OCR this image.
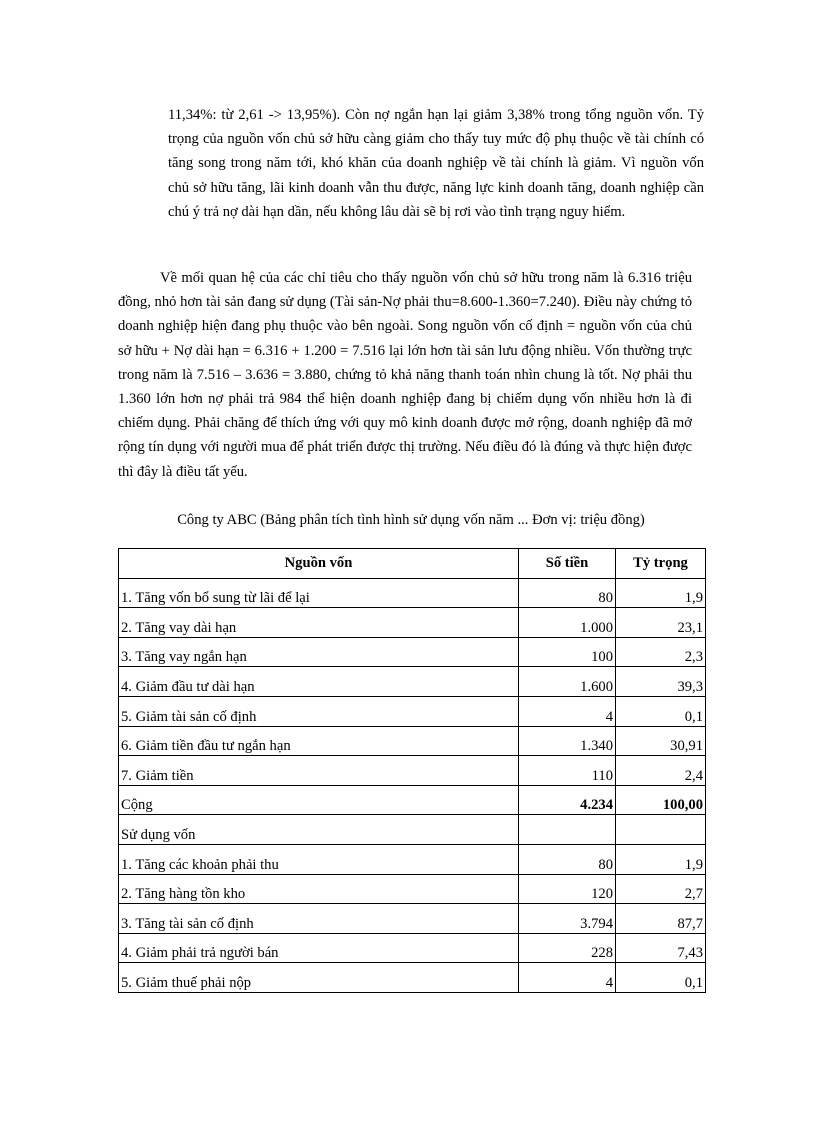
11,34%: từ 2,61 -> 13,95%). Còn nợ ngắn hạn lại giảm 3,38% trong tổng nguồn vốn. Tỷ trọng của nguồn vốn chủ sở hữu càng giảm cho thấy tuy mức độ phụ thuộc về tài chính có tăng song trong năm tới, khó khăn của doanh nghiệp về tài chính là giảm. Vì nguồn vốn chủ sở hữu tăng, lãi kinh doanh vẫn thu được, năng lực kinh doanh tăng, doanh nghiệp cần chú ý trả nợ dài hạn dần, nếu không lâu dài sẽ bị rơi vào tình trạng nguy hiểm.

Về mối quan hệ của các chỉ tiêu cho thấy nguồn vốn chủ sở hữu trong năm là 6.316 triệu đồng, nhỏ hơn tài sản đang sử dụng (Tài sản-Nợ phải thu=8.600-1.360=7.240). Điều này chứng tỏ doanh nghiệp hiện đang phụ thuộc vào bên ngoài. Song nguồn vốn cố định = nguồn vốn của chủ sở hữu + Nợ dài hạn = 6.316 + 1.200 = 7.516 lại lớn hơn tài sản lưu động nhiều. Vốn thường trực trong năm là 7.516 – 3.636 = 3.880, chứng tỏ khả năng thanh toán nhìn chung là tốt. Nợ phải thu 1.360 lớn hơn nợ phải trả 984 thể hiện doanh nghiệp đang bị chiếm dụng vốn nhiều hơn là đi chiếm dụng. Phải chăng để thích ứng với quy mô kinh doanh được mở rộng, doanh nghiệp đã mở rộng tín dụng với người mua để phát triển được thị trường. Nếu điều đó là đúng và thực hiện được thì đây là điều tất yếu.

Công ty ABC (Bảng phân tích tình hình sử dụng vốn năm ... Đơn vị: triệu đồng)

Nguồn vốn	Số tiền	Tỷ trọng
1. Tăng vốn bổ sung từ lãi để lại	80	1,9
2. Tăng vay dài hạn	1.000	23,1
3. Tăng vay ngắn hạn	100	2,3
4. Giảm đầu tư dài hạn	1.600	39,3
5. Giảm tài sản cố định	4	0,1
6. Giảm tiền đầu tư ngắn hạn	1.340	30,91
7. Giảm tiền	110	2,4
Cộng	4.234	100,00
Sử dụng vốn		
1. Tăng các khoản phải thu	80	1,9
2. Tăng hàng tồn kho	120	2,7
3. Tăng tài sản cố định	3.794	87,7
4. Giảm phải trả người bán	228	7,43
5. Giảm thuế phải nộp	4	0,1
